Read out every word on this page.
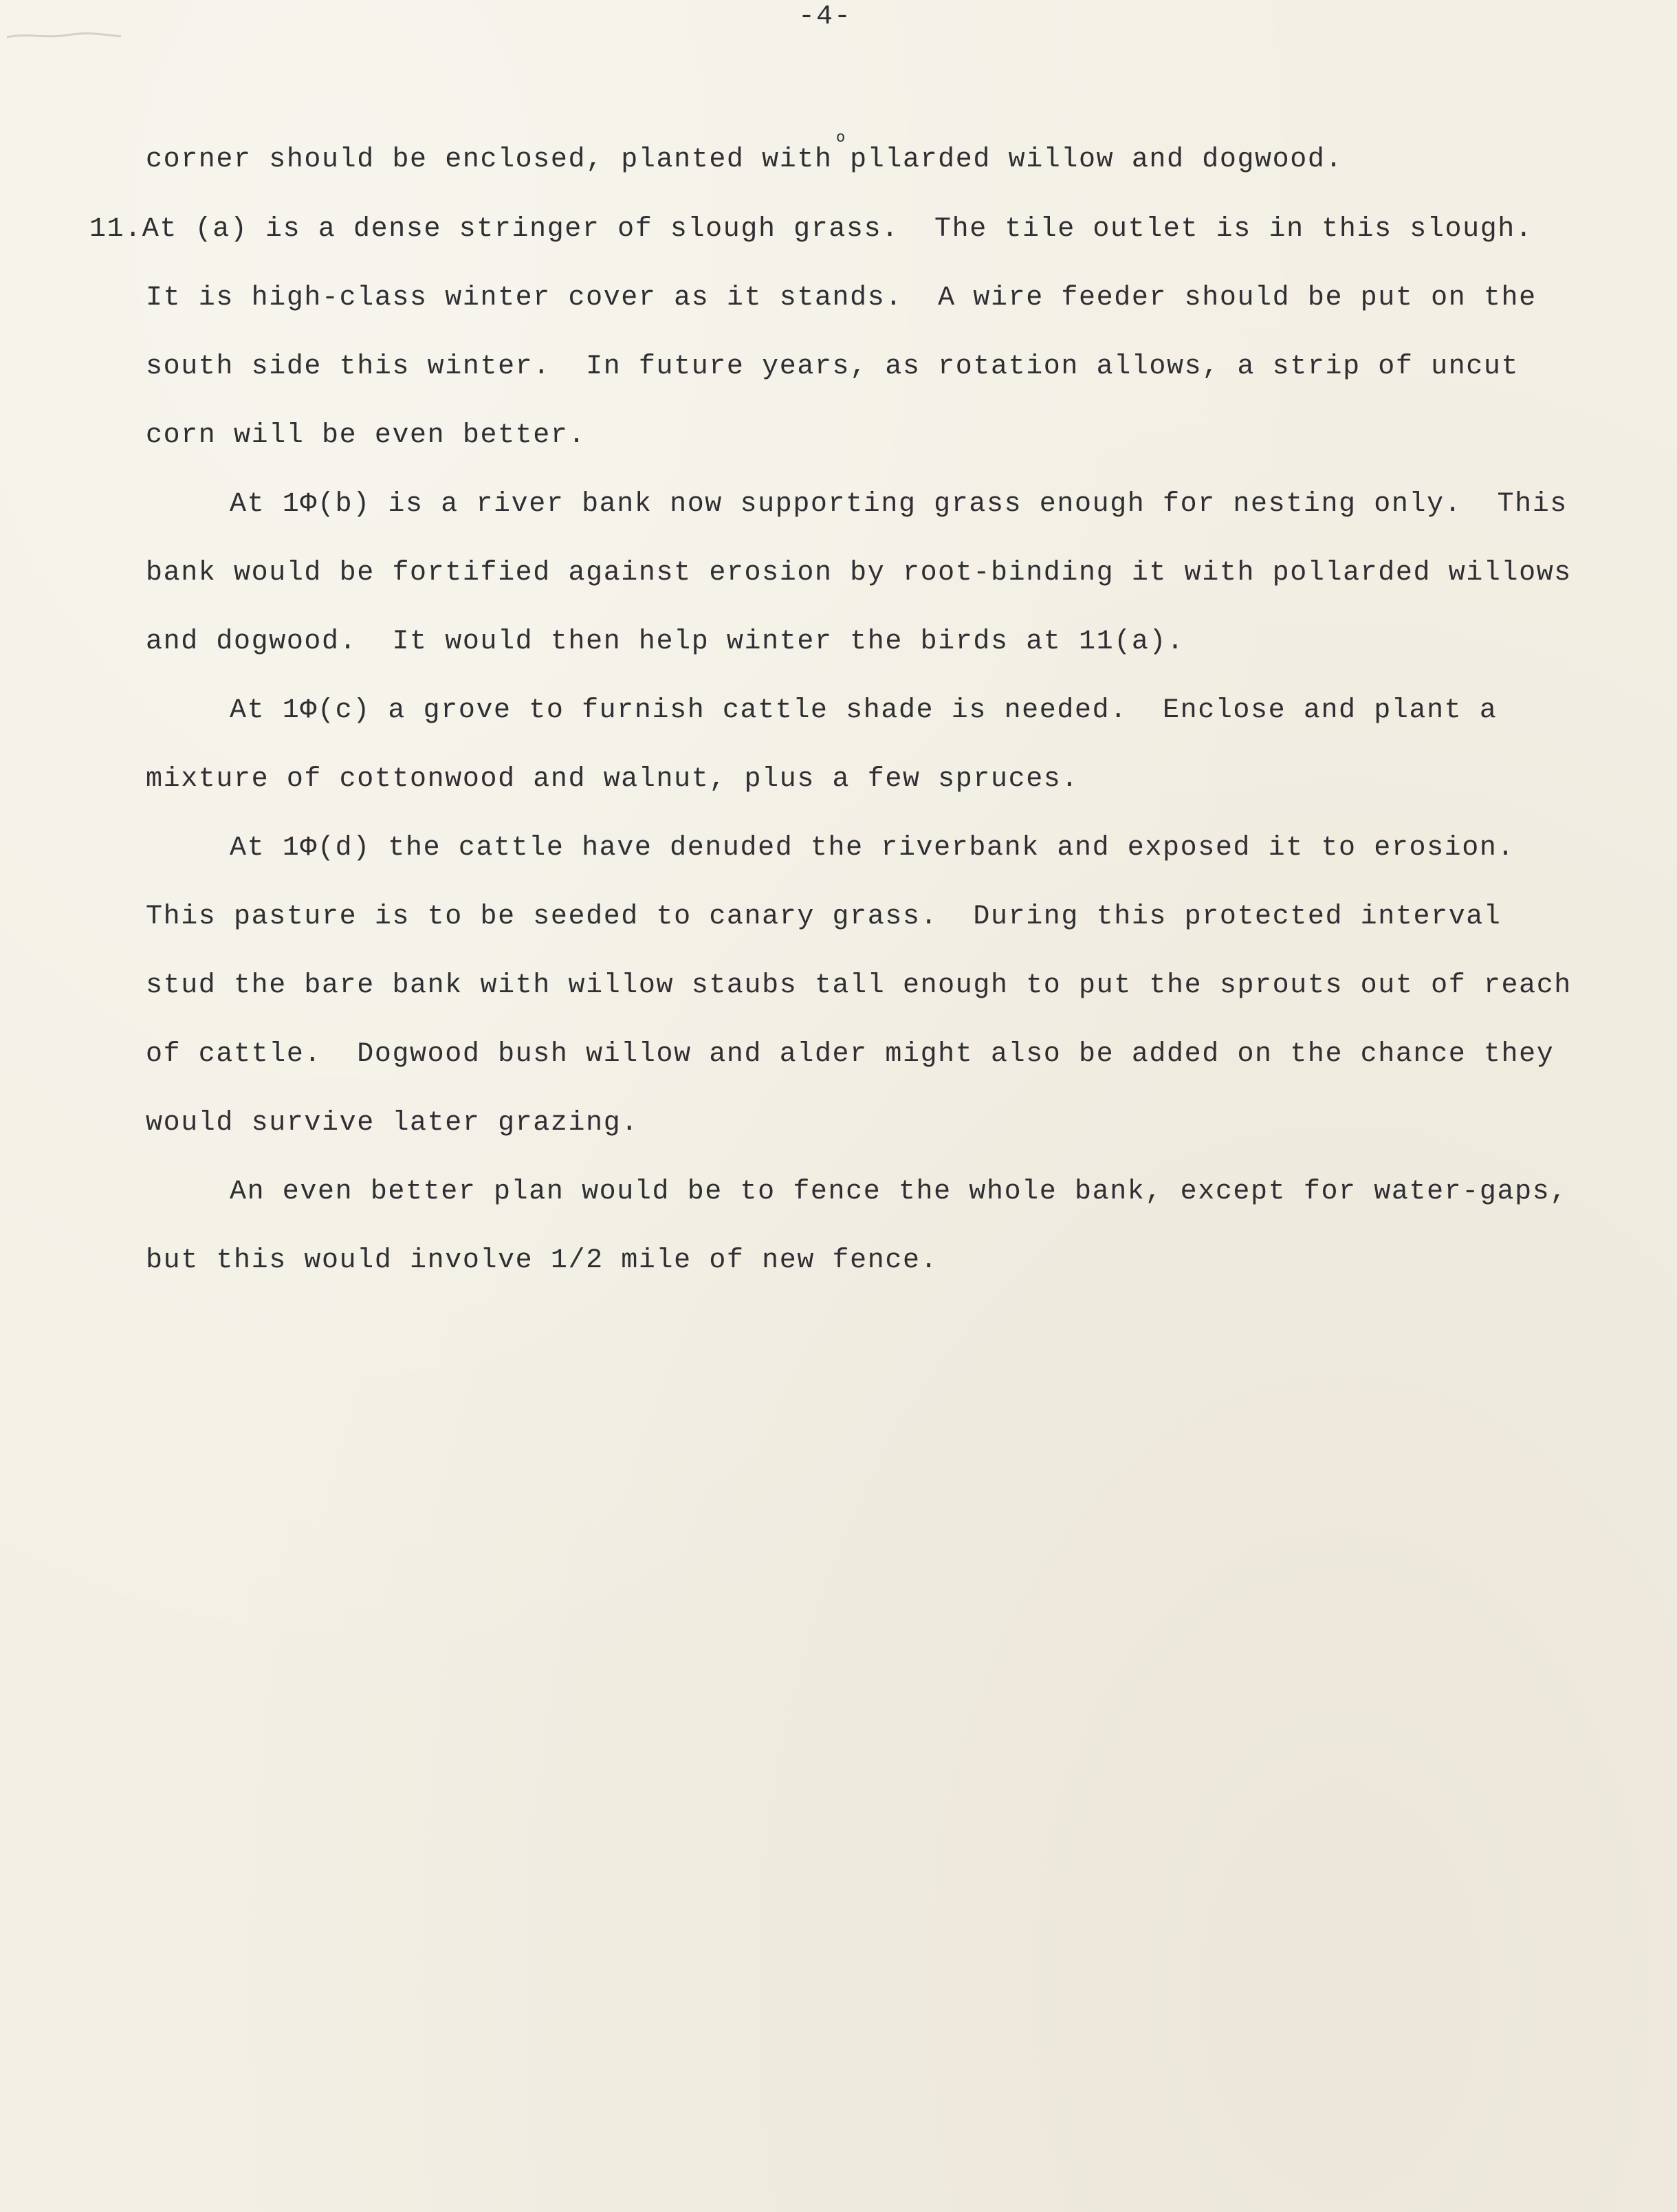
-4-
o
corner should be enclosed, planted with pllarded willow and dogwood.
11.At (a) is a dense stringer of slough grass.  The tile outlet is in this slough.
It is high-class winter cover as it stands.  A wire feeder should be put on the
south side this winter.  In future years, as rotation allows, a strip of uncut
corn will be even better.
At 1Φ(b) is a river bank now supporting grass enough for nesting only.  This
bank would be fortified against erosion by root-binding it with pollarded willows
and dogwood.  It would then help winter the birds at 11(a).
At 1Φ(c) a grove to furnish cattle shade is needed.  Enclose and plant a
mixture of cottonwood and walnut, plus a few spruces.
At 1Φ(d) the cattle have denuded the riverbank and exposed it to erosion.
This pasture is to be seeded to canary grass.  During this protected interval
stud the bare bank with willow staubs tall enough to put the sprouts out of reach
of cattle.  Dogwood bush willow and alder might also be added on the chance they
would survive later grazing.
An even better plan would be to fence the whole bank, except for water-gaps,
but this would involve 1/2 mile of new fence.
